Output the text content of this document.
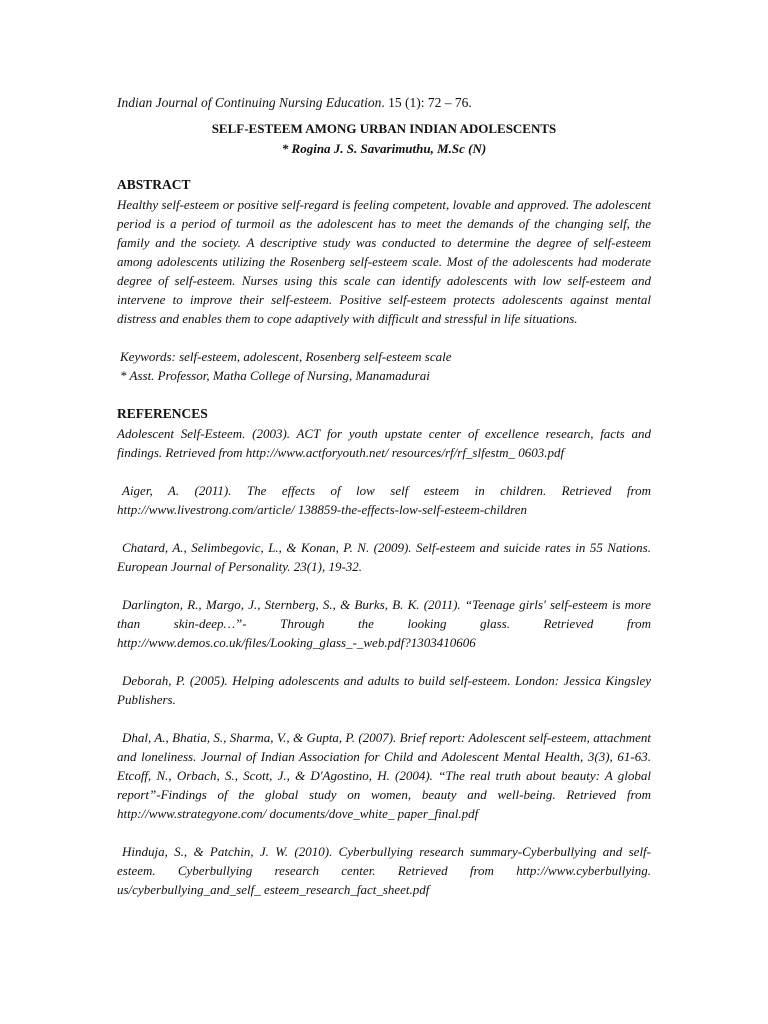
Indian Journal of Continuing Nursing Education. 15 (1): 72 – 76.

SELF-ESTEEM AMONG URBAN INDIAN ADOLESCENTS

* Rogina J. S. Savarimuthu, M.Sc (N)

ABSTRACT

Healthy self-esteem or positive self-regard is feeling competent, lovable and approved. The adolescent period is a period of turmoil as the adolescent has to meet the demands of the changing self, the family and the society. A descriptive study was conducted to determine the degree of self-esteem among adolescents utilizing the Rosenberg self-esteem scale. Most of the adolescents had moderate degree of self-esteem. Nurses using this scale can identify adolescents with low self-esteem and intervene to improve their self-esteem. Positive self-esteem protects adolescents against mental distress and enables them to cope adaptively with difficult and stressful in life situations.

Keywords: self-esteem, adolescent, Rosenberg self-esteem scale

* Asst. Professor, Matha College of Nursing, Manamadurai

REFERENCES

Adolescent Self-Esteem. (2003). ACT for youth upstate center of excellence research, facts and findings. Retrieved from http://www.actforyouth.net/ resources/rf/rf_slfestm_ 0603.pdf

Aiger, A. (2011). The effects of low self esteem in children. Retrieved from http://www.livestrong.com/article/ 138859-the-effects-low-self-esteem-children

Chatard, A., Selimbegovic, L., & Konan, P. N. (2009). Self-esteem and suicide rates in 55 Nations. European Journal of Personality. 23(1), 19-32.

Darlington, R., Margo, J., Sternberg, S., & Burks, B. K. (2011). “Teenage girls' self-esteem is more than skin-deep…”- Through the looking glass. Retrieved from http://www.demos.co.uk/files/Looking_glass_-_web.pdf?1303410606

Deborah, P. (2005). Helping adolescents and adults to build self-esteem. London: Jessica Kingsley Publishers.

Dhal, A., Bhatia, S., Sharma, V., & Gupta, P. (2007). Brief report: Adolescent self-esteem, attachment and loneliness. Journal of Indian Association for Child and Adolescent Mental Health, 3(3), 61-63. Etcoff, N., Orbach, S., Scott, J., & D'Agostino, H. (2004). “The real truth about beauty: A global report”-Findings of the global study on women, beauty and well-being. Retrieved from http://www.strategyone.com/ documents/dove_white_ paper_final.pdf

Hinduja, S., & Patchin, J. W. (2010). Cyberbullying research summary-Cyberbullying and self-esteem. Cyberbullying research center. Retrieved from http://www.cyberbullying. us/cyberbullying_and_self_ esteem_research_fact_sheet.pdf
